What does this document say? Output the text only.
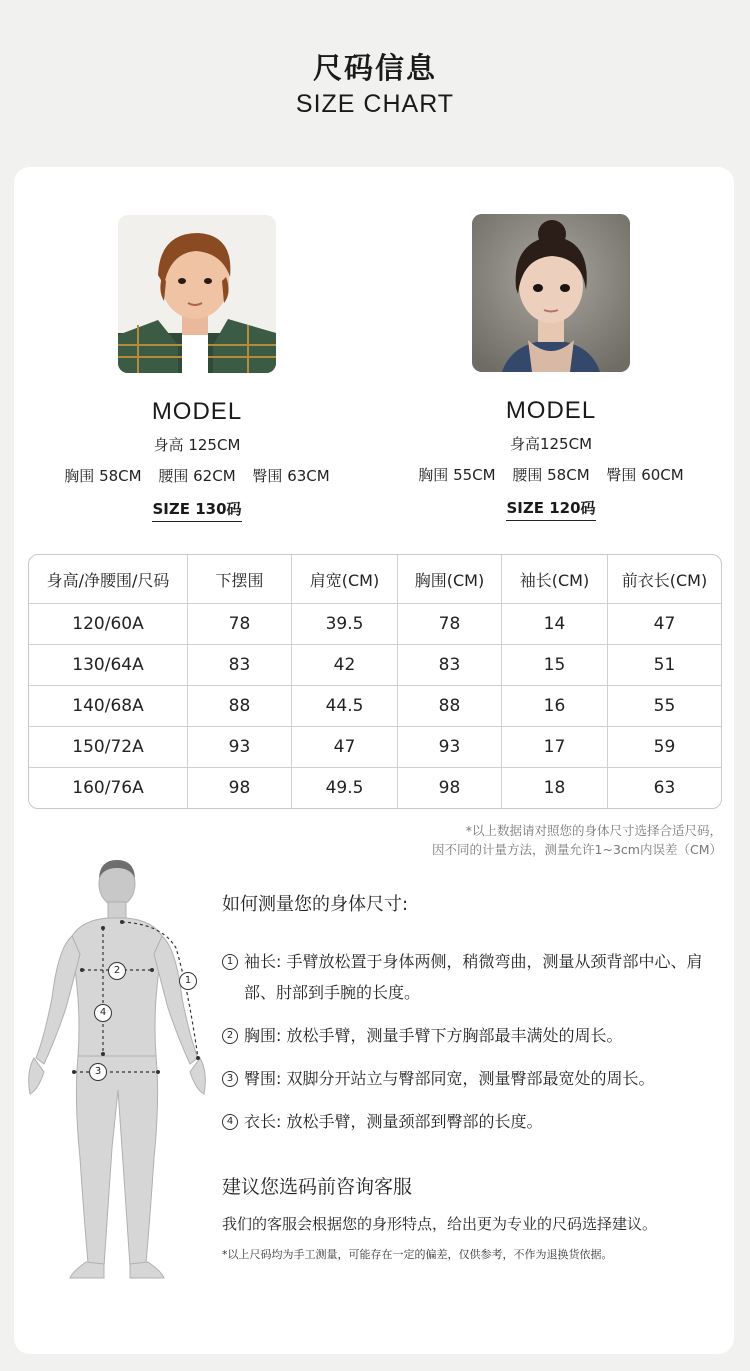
尺码信息
SIZE CHART
MODEL
身高 125CM
胸围 58CM 腰围 62CM 臀围 63CM
SIZE 130码
MODEL
身高125CM
胸围 55CM 腰围 58CM 臀围 60CM
SIZE 120码
身高/净腰围/尺码	下摆围	肩宽(CM)	胸围(CM)	袖长(CM)	前衣长(CM)
120/60A	78	39.5	78	14	47
130/64A	83	42	83	15	51
140/68A	88	44.5	88	16	55
150/72A	93	47	93	17	59
160/76A	98	49.5	98	18	63
*以上数据请对照您的身体尺寸选择合适尺码，
因不同的计量方法，测量允许1~3cm内误差（CM）
1
2
3
4
如何测量您的身体尺寸:
1 袖长: 手臂放松置于身体两侧，稍微弯曲，测量从颈背部中心、肩部、肘部到手腕的长度。
2 胸围: 放松手臂，测量手臂下方胸部最丰满处的周长。
3 臀围: 双脚分开站立与臀部同宽，测量臀部最宽处的周长。
4 衣长: 放松手臂，测量颈部到臀部的长度。
建议您选码前咨询客服
我们的客服会根据您的身形特点，给出更为专业的尺码选择建议。
*以上尺码均为手工测量，可能存在一定的偏差，仅供参考，不作为退换货依据。
